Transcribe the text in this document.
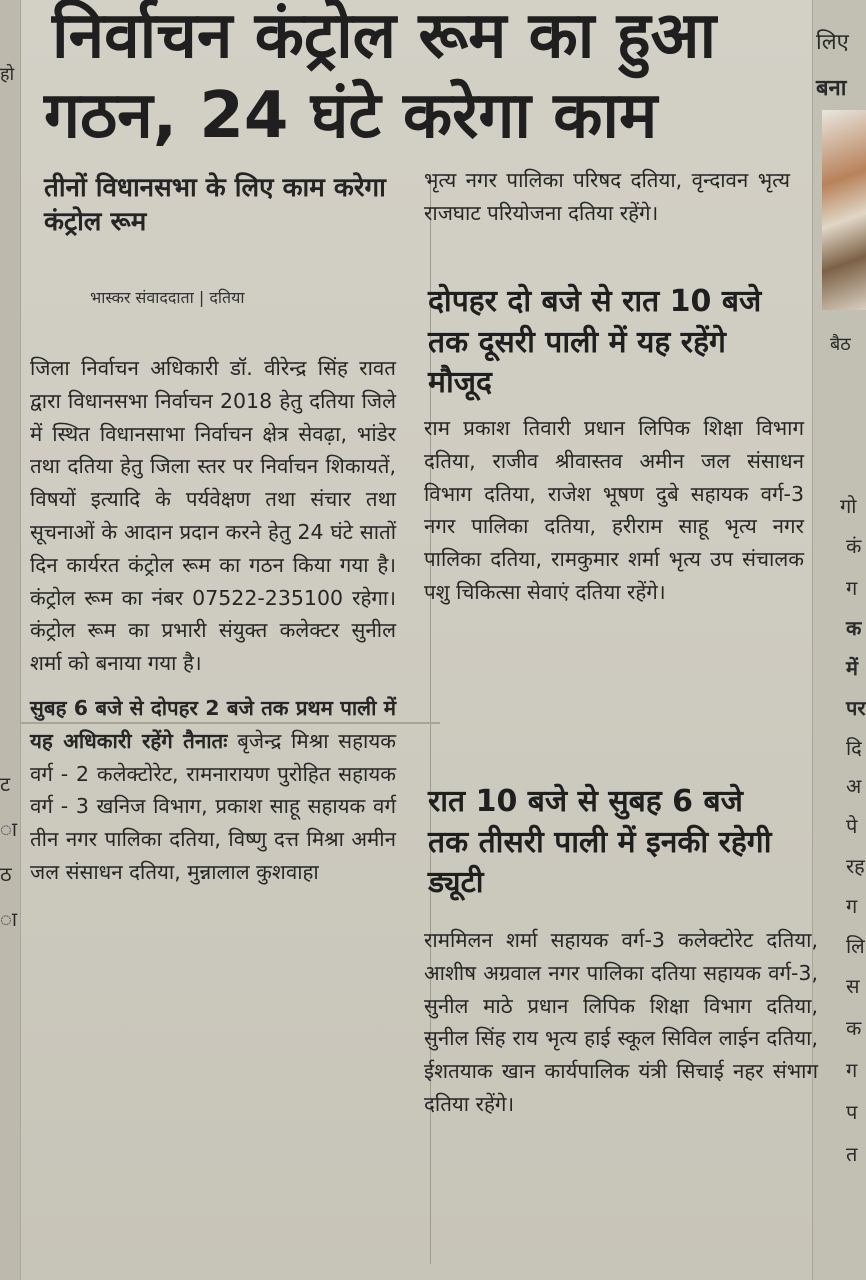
हो
ट
ा
ठ
ा
लिए
बना
बैठ
गो
कं
ग
क
में
पर
दि
अ
पे
रह
ग
लि
स
क
ग
प
त
निर्वाचन कंट्रोल रूम का हुआ
गठन, 24 घंटे करेगा काम
तीनों विधानसभा के लिए काम करेगा कंट्रोल रूम
भास्कर संवाददाता | दतिया

जिला निर्वाचन अधिकारी डॉ. वीरेन्द्र सिंह रावत द्वारा विधानसभा निर्वाचन 2018 हेतु दतिया जिले में स्थित विधानसाभा निर्वाचन क्षेत्र सेवढ़ा, भांडेर तथा दतिया हेतु जिला स्तर पर निर्वाचन शिकायतें, विषयों इत्यादि के पर्यवेक्षण तथा संचार तथा सूचनाओं के आदान प्रदान करने हेतु 24 घंटे सातों दिन कार्यरत कंट्रोल रूम का गठन किया गया है। कंट्रोल रूम का नंबर 07522-235100 रहेगा। कंट्रोल रूम का प्रभारी संयुक्त कलेक्टर सुनील शर्मा को बनाया गया है।

सुबह 6 बजे से दोपहर 2 बजे तक प्रथम पाली में यह अधिकारी रहेंगे तैनातः बृजेन्द्र मिश्रा सहायक वर्ग - 2 कलेक्टोरेट, रामनारायण पुरोहित सहायक वर्ग - 3 खनिज विभाग, प्रकाश साहू सहायक वर्ग तीन नगर पालिका दतिया, विष्णु दत्त मिश्रा अमीन जल संसाधन दतिया, मुन्नालाल कुशवाहा

भृत्य नगर पालिका परिषद दतिया, वृन्दावन भृत्य राजघाट परियोजना दतिया रहेंगे।

दोपहर दो बजे से रात 10 बजे तक दूसरी पाली में यह रहेंगे मौजूद

राम प्रकाश तिवारी प्रधान लिपिक शिक्षा विभाग दतिया, राजीव श्रीवास्तव अमीन जल संसाधन विभाग दतिया, राजेश भूषण दुबे सहायक वर्ग-3 नगर पालिका दतिया, हरीराम साहू भृत्य नगर पालिका दतिया, रामकुमार शर्मा भृत्य उप संचालक पशु चिकित्सा सेवाएं दतिया रहेंगे।

रात 10 बजे से सुबह 6 बजे तक तीसरी पाली में इनकी रहेगी ड्यूटी

राममिलन शर्मा सहायक वर्ग-3 कलेक्टोरेट दतिया, आशीष अग्रवाल नगर पालिका दतिया सहायक वर्ग-3, सुनील माठे प्रधान लिपिक शिक्षा विभाग दतिया, सुनील सिंह राय भृत्य हाई स्कूल सिविल लाईन दतिया, ईशतयाक खान कार्यपालिक यंत्री सिचाई नहर संभाग दतिया रहेंगे।
